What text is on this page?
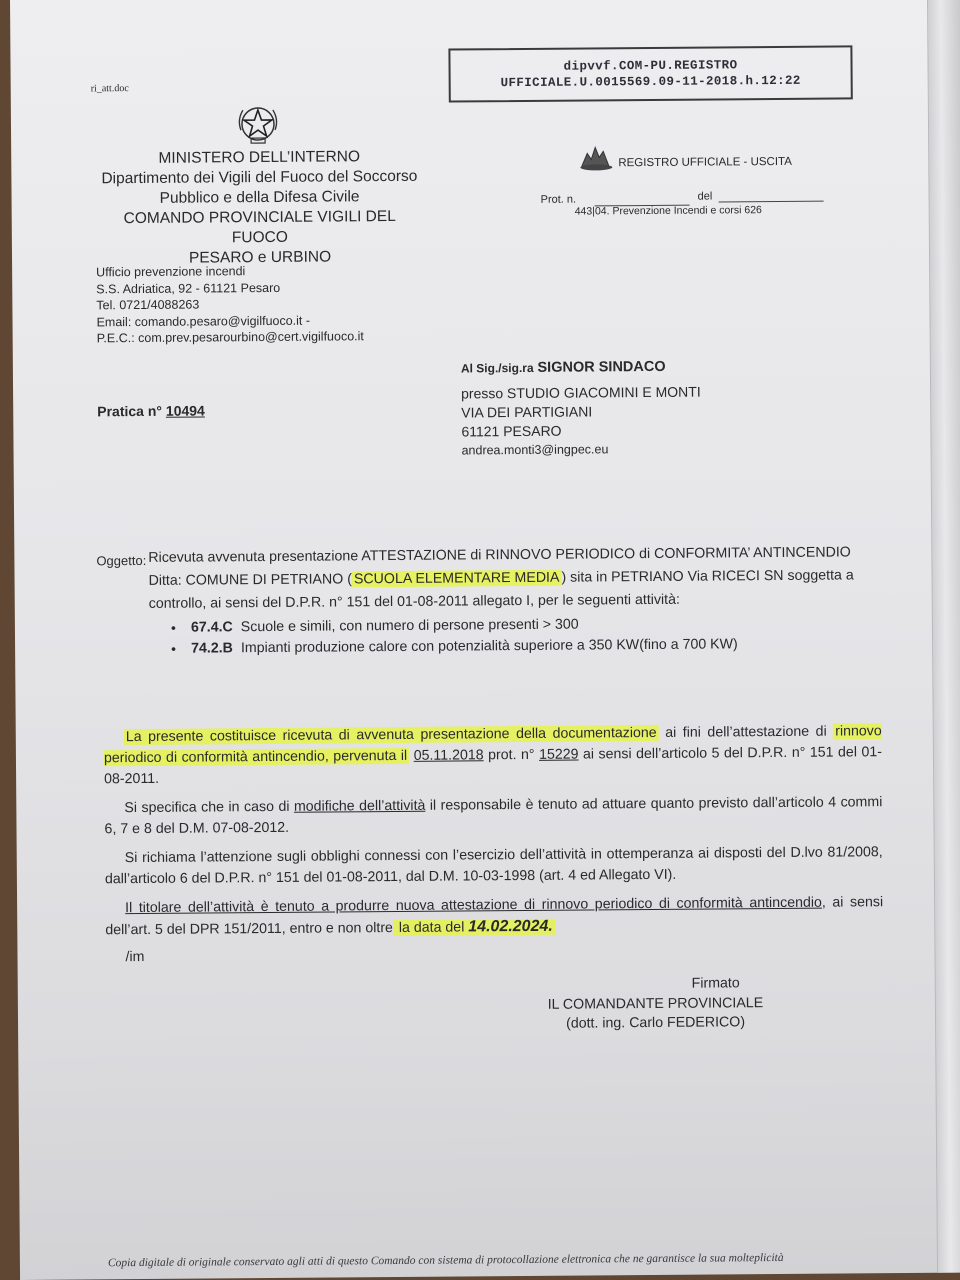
ri_att.doc
dipvvf.COM-PU.REGISTRO
UFFICIALE.U.0015569.09-11-2018.h.12:22
MINISTERO DELL’INTERNO
Dipartimento dei Vigili del Fuoco del Soccorso
Pubblico e della Difesa Civile
COMANDO PROVINCIALE VIGILI DEL FUOCO
PESARO e URBINO
REGISTRO UFFICIALE - USCITA
Prot. n.	del
443|04. Prevenzione Incendi e corsi 626
Ufficio prevenzione incendi
S.S. Adriatica, 92 - 61121 Pesaro
Tel. 0721/4088263
Email: comando.pesaro@vigilfuoco.it -
P.E.C.: com.prev.pesarourbino@cert.vigilfuoco.it
Al Sig./sig.ra SIGNOR SINDACO
presso STUDIO GIACOMINI E MONTI
VIA DEI PARTIGIANI
61121 PESARO
andrea.monti3@ingpec.eu
Pratica n° 10494
Oggetto: Ricevuta avvenuta presentazione ATTESTAZIONE di RINNOVO PERIODICO di CONFORMITA’ ANTINCENDIO
Ditta: COMUNE DI PETRIANO ( SCUOLA ELEMENTARE MEDIA ) sita in PETRIANO Via RICECI SN soggetta a
controllo, ai sensi del D.P.R. n° 151 del 01-08-2011 allegato I, per le seguenti attività:
• 67.4.C Scuole e simili, con numero di persone presenti > 300
• 74.2.B Impianti produzione calore con potenzialità superiore a 350 KW(fino a 700 KW)

La presente costituisce ricevuta di avvenuta presentazione della documentazione ai fini dell’attestazione di rinnovo periodico di conformità antincendio, pervenuta il 05.11.2018 prot. n° 15229 ai sensi dell’articolo 5 del D.P.R. n° 151 del 01-08-2011.

Si specifica che in caso di modifiche dell’attività il responsabile è tenuto ad attuare quanto previsto dall’articolo 4 commi 6, 7 e 8 del D.M. 07-08-2012.

Si richiama l’attenzione sugli obblighi connessi con l’esercizio dell’attività in ottemperanza ai disposti del D.lvo 81/2008, dall’articolo 6 del D.P.R. n° 151 del 01-08-2011, dal D.M. 10-03-1998 (art. 4 ed Allegato VI).

Il titolare dell’attività è tenuto a produrre nuova attestazione di rinnovo periodico di conformità antincendio, ai sensi dell’art. 5 del DPR 151/2011, entro e non oltre la data del 14.02.2024.

/im

Firmato
IL COMANDANTE PROVINCIALE
(dott. ing. Carlo FEDERICO)
Copia digitale di originale conservato agli atti di questo Comando con sistema di protocollazione elettronica che ne garantisce la sua molteplicità
